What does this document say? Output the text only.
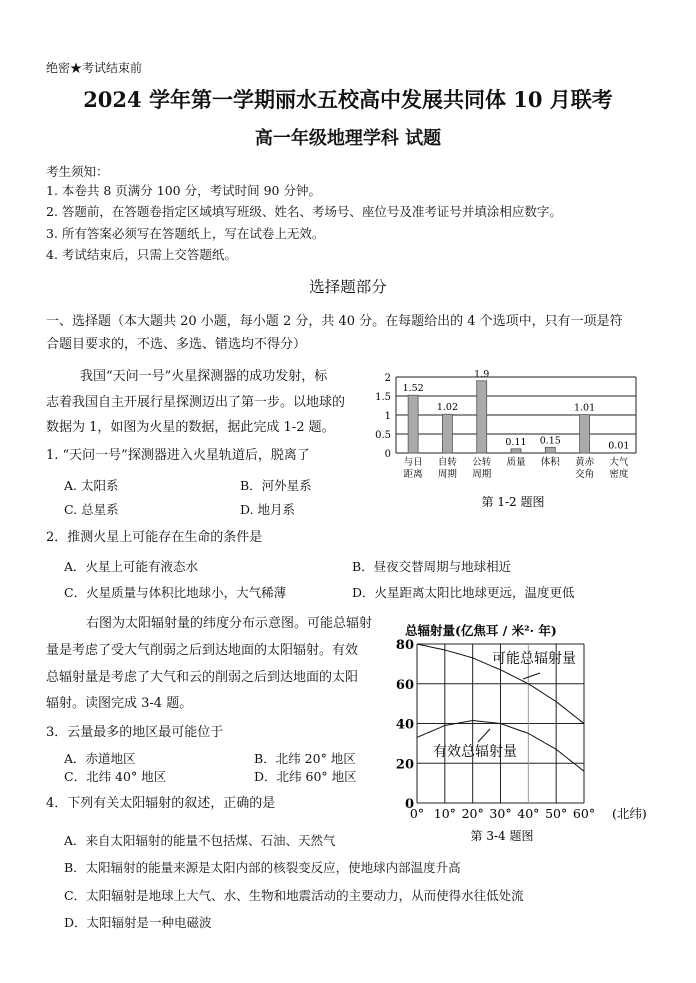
绝密★考试结束前
2024 学年第一学期丽水五校高中发展共同体 10 月联考
高一年级地理学科 试题
考生须知：
1. 本卷共 8 页满分 100 分，考试时间 90 分钟。
2. 答题前，在答题卷指定区域填写班级、姓名、考场号、座位号及准考证号并填涂相应数字。
3. 所有答案必须写在答题纸上，写在试卷上无效。
4. 考试结束后，只需上交答题纸。
选择题部分
一、选择题（本大题共 20 小题，每小题 2 分，共 40 分。在每题给出的 4 个选项中，只有一项是符
合题目要求的，不选、多选、错选均不得分）
我国“天问一号”火星探测器的成功发射，标
志着我国自主开展行星探测迈出了第一步。以地球的
数据为 1，如图为火星的数据，据此完成 1-2 题。
1. “天问一号”探测器进入火星轨道后，脱离了
A. 太阳系	B．河外星系
C. 总星系	D. 地月系
2．推测火星上可能存在生命的条件是
A．火星上可能有液态水	B．昼夜交替周期与地球相近
C．火星质量与体积比地球小，大气稀薄	D．火星距离太阳比地球更远，温度更低
右图为太阳辐射量的纬度分布示意图。可能总辐射
量是考虑了受大气削弱之后到达地面的太阳辐射。有效
总辐射量是考虑了大气和云的削弱之后到达地面的太阳
辐射。读图完成 3-4 题。
3．云量最多的地区最可能位于
A．赤道地区	B．北纬 20° 地区
C．北纬 40° 地区	D．北纬 60° 地区
4．下列有关太阳辐射的叙述，正确的是
A．来自太阳辐射的能量不包括煤、石油、天然气
B．太阳辐射的能量来源是太阳内部的核裂变反应，使地球内部温度升高
C．太阳辐射是地球上大气、水、生物和地震活动的主要动力，从而使得水往低处流
D．太阳辐射是一种电磁波
0
0.5
1
1.5
2
1.52
与日
距离
1.02
自转
周期
1.9
公转
周期
0.11
质量
0.15
体积
1.01
黄赤
交角
0.01
大气
密度
第 1-2 题图
0
20
40
60
80
0° 10° 20° 30° 40° 50° 60° (北纬)
总辐射量(亿焦耳 / 米²· 年)
可能总辐射量
有效总辐射量
第 3-4 题图
